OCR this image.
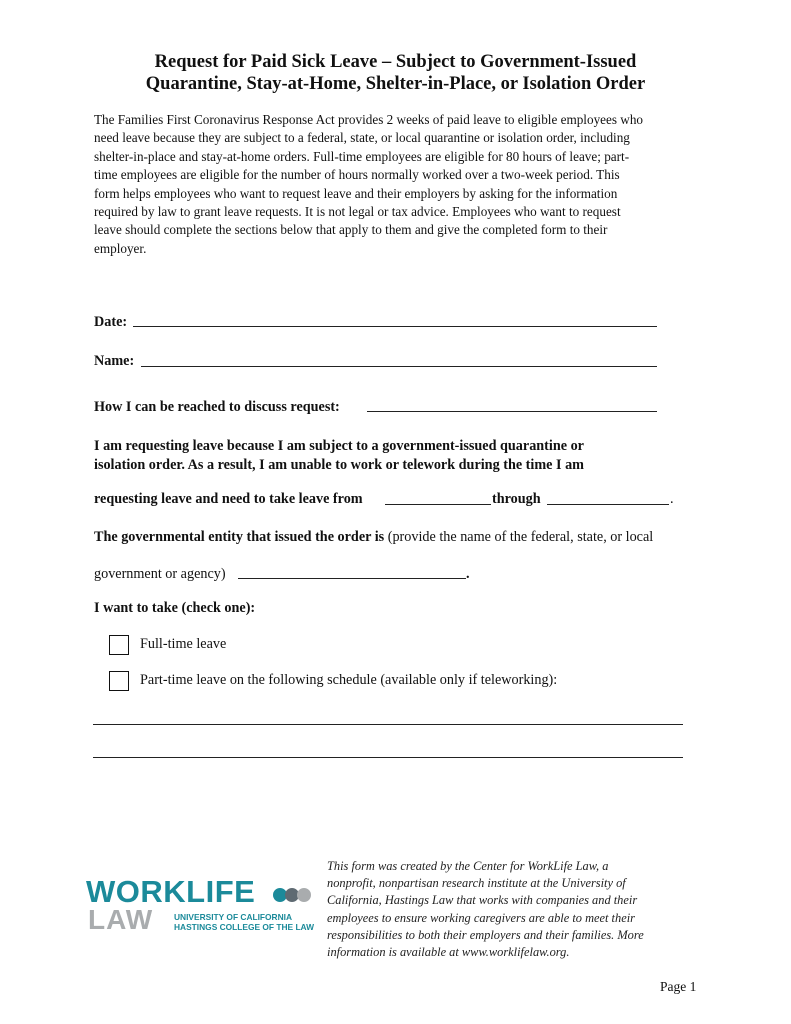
Request for Paid Sick Leave – Subject to Government-Issued
Quarantine, Stay-at-Home, Shelter-in-Place, or Isolation Order
The Families First Coronavirus Response Act provides 2 weeks of paid leave to eligible employees who
need leave because they are subject to a federal, state, or local quarantine or isolation order, including
shelter-in-place and stay-at-home orders. Full-time employees are eligible for 80 hours of leave; part-
time employees are eligible for the number of hours normally worked over a two-week period. This
form helps employees who want to request leave and their employers by asking for the information
required by law to grant leave requests. It is not legal or tax advice. Employees who want to request
leave should complete the sections below that apply to them and give the completed form to their
employer.
Date:
Name:
How I can be reached to discuss request:
I am requesting leave because I am subject to a government-issued quarantine or
isolation order. As a result, I am unable to work or telework during the time I am
requesting leave and need to take leave from	through	.
The governmental entity that issued the order is (provide the name of the federal, state, or local
government or agency)	.
I want to take (check one):
Full-time leave
Part-time leave on the following schedule (available only if teleworking):
WORKLIFE
LAW UNIVERSITY OF CALIFORNIA
HASTINGS COLLEGE OF THE LAW
This form was created by the Center for WorkLife Law, a
nonprofit, nonpartisan research institute at the University of
California, Hastings Law that works with companies and their
employees to ensure working caregivers are able to meet their
responsibilities to both their employers and their families. More
information is available at www.worklifelaw.org.
Page 1
